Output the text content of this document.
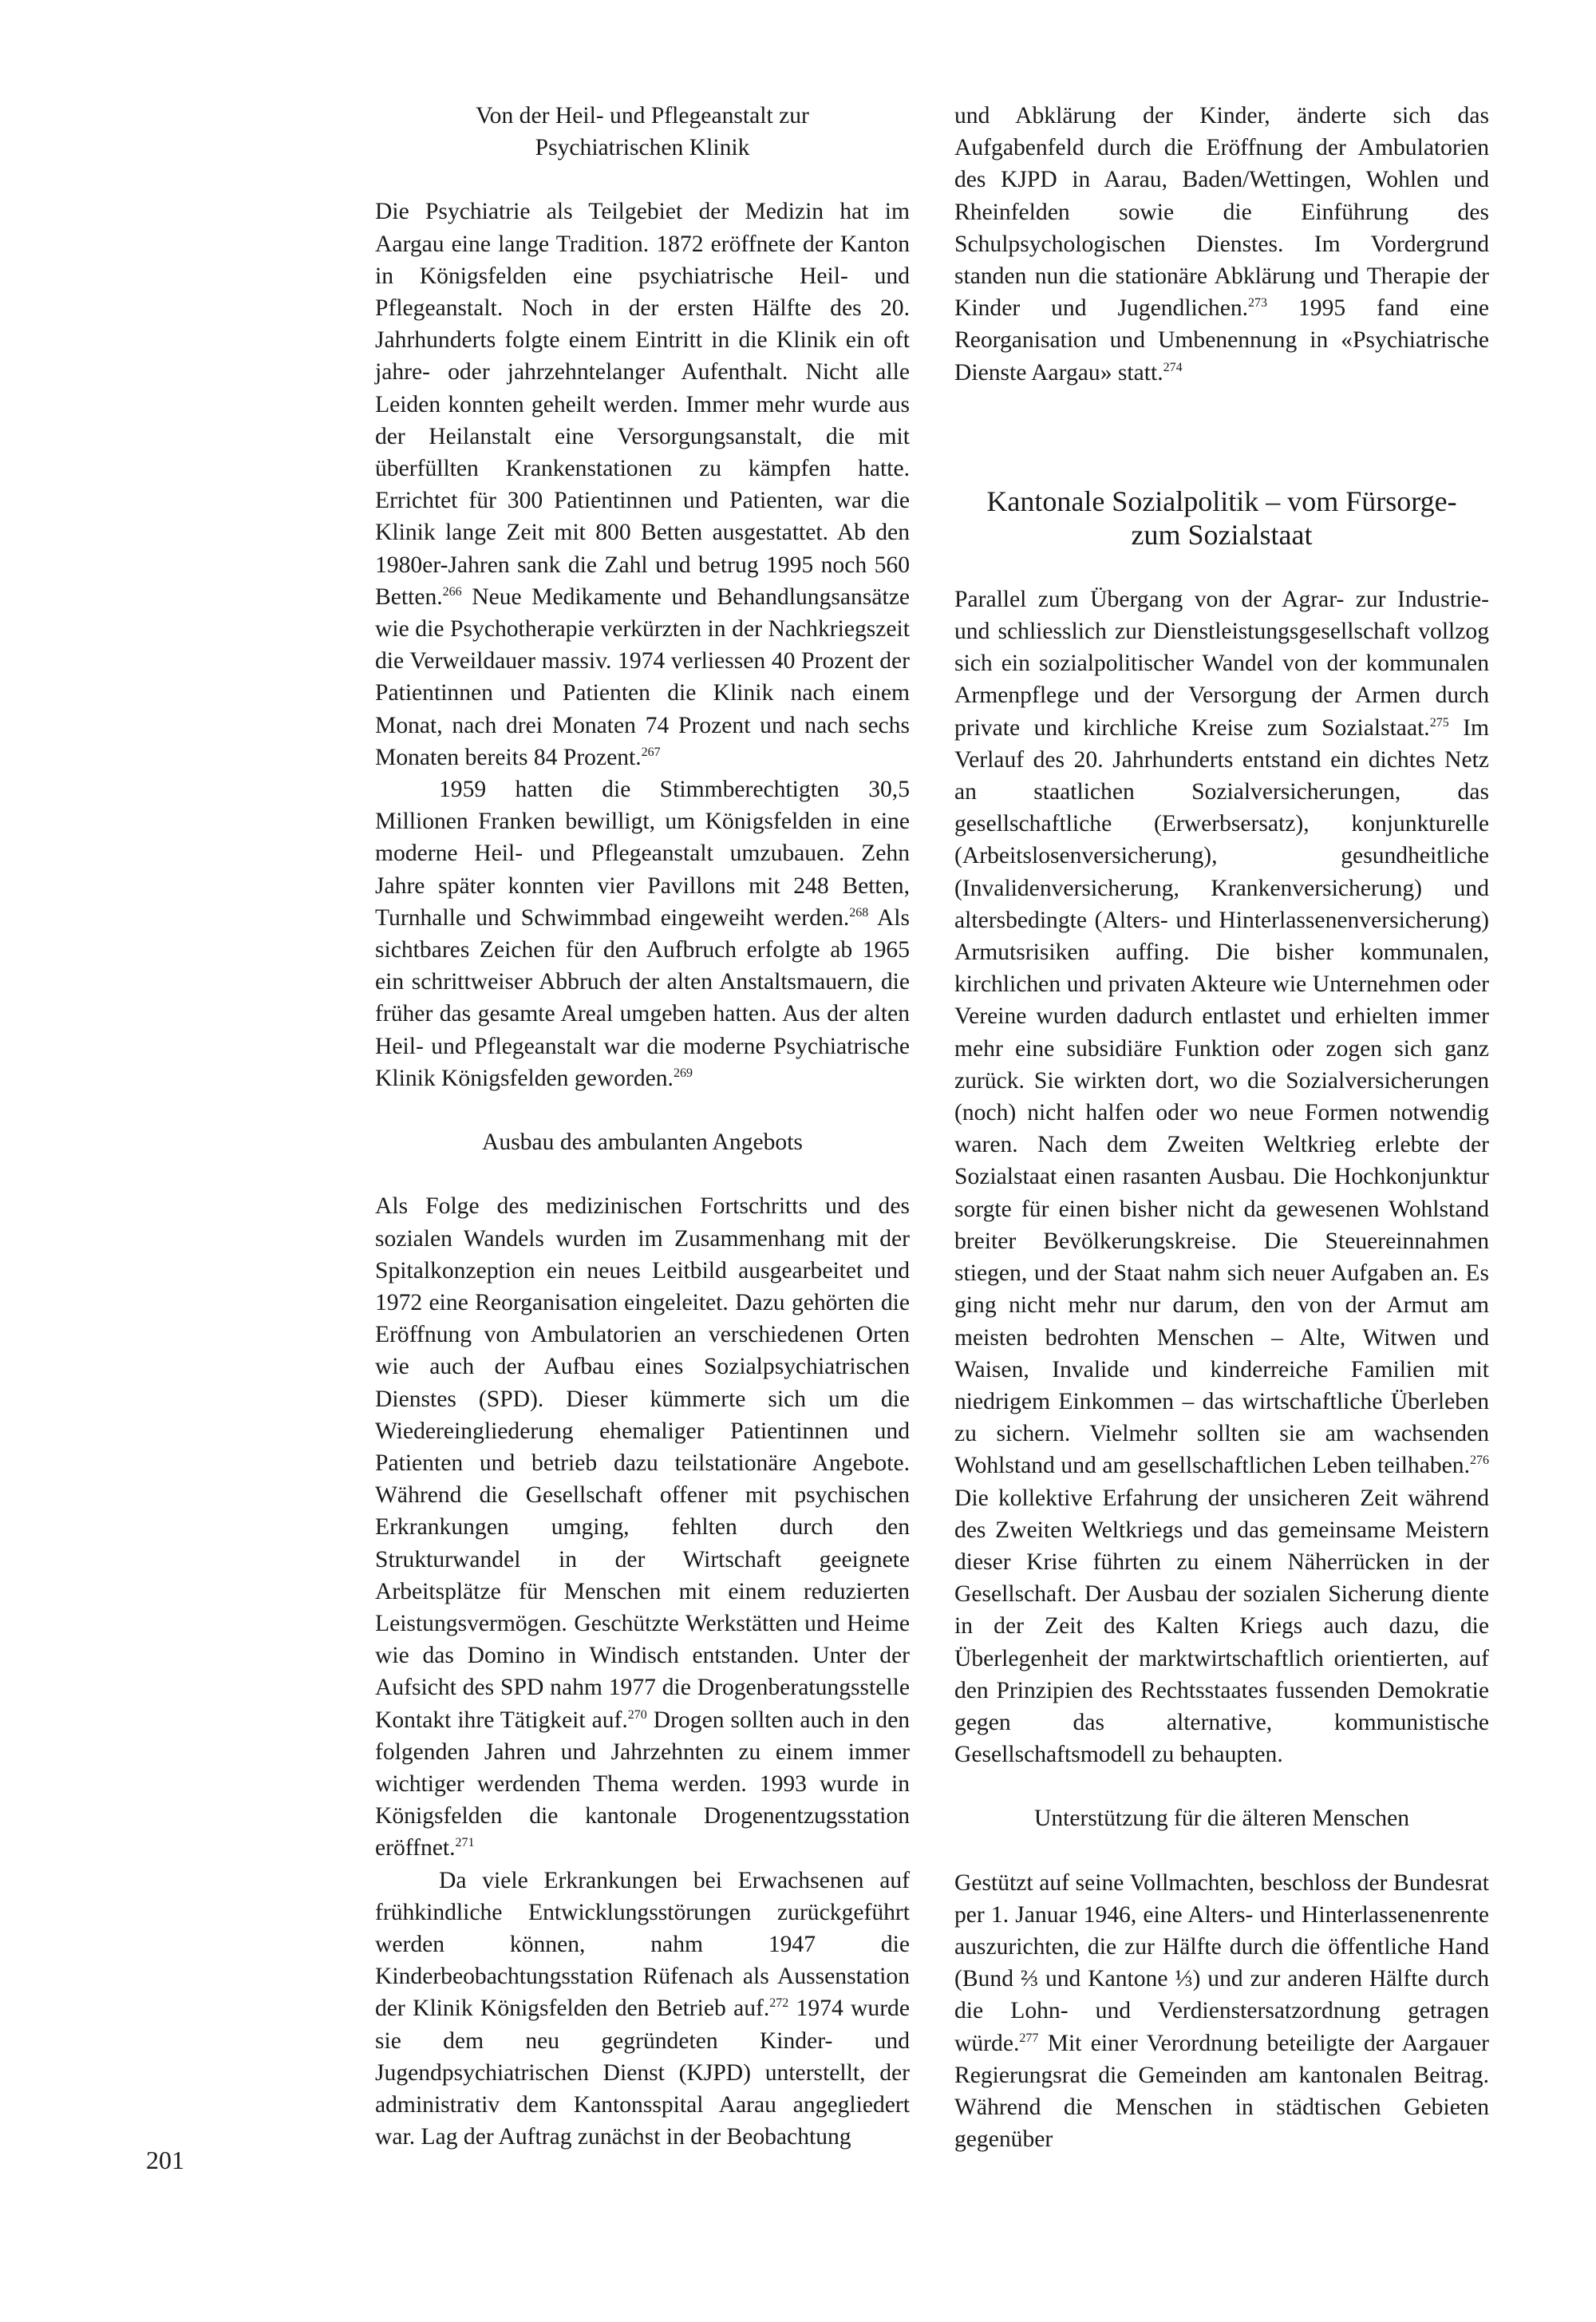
201
Von der Heil- und Pflegeanstalt zur
Psychiatrischen Klinik

Die Psychiatrie als Teilgebiet der Medizin hat im Aargau eine lange Tradition. 1872 eröffnete der Kanton in Königsfelden eine psychiatrische Heil- und Pflegeanstalt. Noch in der ersten Hälfte des 20. Jahrhunderts folgte einem Eintritt in die Klinik ein oft jahre- oder jahrzehntelanger Aufenthalt. Nicht alle Leiden konnten geheilt werden. Immer mehr wurde aus der Heilanstalt eine Versorgungsanstalt, die mit überfüllten Krankenstationen zu kämpfen hatte. Errichtet für 300 Patientinnen und Patienten, war die Klinik lange Zeit mit 800 Betten ausgestattet. Ab den 1980er-Jahren sank die Zahl und betrug 1995 noch 560 Betten.$^{266}$ Neue Medikamente und Behandlungsansätze wie die Psychotherapie verkürzten in der Nachkriegszeit die Verweildauer massiv. 1974 verliessen 40 Prozent der Patientinnen und Patienten die Klinik nach einem Monat, nach drei Monaten 74 Prozent und nach sechs Monaten bereits 84 Prozent.$^{267}$

1959 hatten die Stimmberechtigten 30,5 Millionen Franken bewilligt, um Königsfelden in eine moderne Heil- und Pflegeanstalt umzubauen. Zehn Jahre später konnten vier Pavillons mit 248 Betten, Turnhalle und Schwimmbad eingeweiht werden.$^{268}$ Als sichtbares Zeichen für den Aufbruch erfolgte ab 1965 ein schrittweiser Abbruch der alten Anstaltsmauern, die früher das gesamte Areal umgeben hatten. Aus der alten Heil- und Pflegeanstalt war die moderne Psychiatrische Klinik Königsfelden geworden.$^{269}$

Ausbau des ambulanten Angebots

Als Folge des medizinischen Fortschritts und des sozialen Wandels wurden im Zusammenhang mit der Spitalkonzeption ein neues Leitbild ausgearbeitet und 1972 eine Reorganisation eingeleitet. Dazu gehörten die Eröffnung von Ambulatorien an verschiedenen Orten wie auch der Aufbau eines Sozialpsychiatrischen Dienstes (SPD). Dieser kümmerte sich um die Wiedereingliederung ehemaliger Patientinnen und Patienten und betrieb dazu teilstationäre Angebote. Während die Gesellschaft offener mit psychischen Erkrankungen umging, fehlten durch den Strukturwandel in der Wirtschaft geeignete Arbeitsplätze für Menschen mit einem reduzierten Leistungsvermögen. Geschützte Werkstätten und Heime wie das Domino in Windisch entstanden. Unter der Aufsicht des SPD nahm 1977 die Drogenberatungsstelle Kontakt ihre Tätigkeit auf.$^{270}$ Drogen sollten auch in den folgenden Jahren und Jahrzehnten zu einem immer wichtiger werdenden Thema werden. 1993 wurde in Königsfelden die kantonale Drogenentzugsstation eröffnet.$^{271}$

Da viele Erkrankungen bei Erwachsenen auf frühkindliche Entwicklungsstörungen zurückgeführt werden können, nahm 1947 die Kinderbeobachtungsstation Rüfenach als Aussenstation der Klinik Königsfelden den Betrieb auf.$^{272}$ 1974 wurde sie dem neu gegründeten Kinder- und Jugendpsychiatrischen Dienst (KJPD) unterstellt, der administrativ dem Kantonsspital Aarau angegliedert war. Lag der Auftrag zunächst in der Beobachtung

und Abklärung der Kinder, änderte sich das Aufgabenfeld durch die Eröffnung der Ambulatorien des KJPD in Aarau, Baden/Wettingen, Wohlen und Rheinfelden sowie die Einführung des Schulpsychologischen Dienstes. Im Vordergrund standen nun die stationäre Abklärung und Therapie der Kinder und Jugendlichen.$^{273}$ 1995 fand eine Reorganisation und Umbenennung in «Psychiatrische Dienste Aargau» statt.$^{274}$

Kantonale Sozialpolitik – vom Fürsorge-
zum Sozialstaat

Parallel zum Übergang von der Agrar- zur Industrie- und schliesslich zur Dienstleistungsgesellschaft vollzog sich ein sozialpolitischer Wandel von der kommunalen Armenpflege und der Versorgung der Armen durch private und kirchliche Kreise zum Sozialstaat.$^{275}$ Im Verlauf des 20. Jahrhunderts entstand ein dichtes Netz an staatlichen Sozialversicherungen, das gesellschaftliche (Erwerbsersatz), konjunkturelle (Arbeitslosenversicherung), gesundheitliche (Invalidenversicherung, Krankenversicherung) und altersbedingte (Alters- und Hinterlassenenversicherung) Armutsrisiken auffing. Die bisher kommunalen, kirchlichen und privaten Akteure wie Unternehmen oder Vereine wurden dadurch entlastet und erhielten immer mehr eine subsidiäre Funktion oder zogen sich ganz zurück. Sie wirkten dort, wo die Sozialversicherungen (noch) nicht halfen oder wo neue Formen notwendig waren. Nach dem Zweiten Weltkrieg erlebte der Sozialstaat einen rasanten Ausbau. Die Hochkonjunktur sorgte für einen bisher nicht da gewesenen Wohlstand breiter Bevölkerungskreise. Die Steuereinnahmen stiegen, und der Staat nahm sich neuer Aufgaben an. Es ging nicht mehr nur darum, den von der Armut am meisten bedrohten Menschen – Alte, Witwen und Waisen, Invalide und kinderreiche Familien mit niedrigem Einkommen – das wirtschaftliche Überleben zu sichern. Vielmehr sollten sie am wachsenden Wohlstand und am gesellschaftlichen Leben teilhaben.$^{276}$ Die kollektive Erfahrung der unsicheren Zeit während des Zweiten Weltkriegs und das gemeinsame Meistern dieser Krise führten zu einem Näherrücken in der Gesellschaft. Der Ausbau der sozialen Sicherung diente in der Zeit des Kalten Kriegs auch dazu, die Überlegenheit der marktwirtschaftlich orientierten, auf den Prinzipien des Rechtsstaates fussenden Demokratie gegen das alternative, kommunistische Gesellschaftsmodell zu behaupten.

Unterstützung für die älteren Menschen

Gestützt auf seine Vollmachten, beschloss der Bundesrat per 1. Januar 1946, eine Alters- und Hinterlassenenrente auszurichten, die zur Hälfte durch die öffentliche Hand (Bund ⅔ und Kantone ⅓) und zur anderen Hälfte durch die Lohn- und Verdienstersatzordnung getragen würde.$^{277}$ Mit einer Verordnung beteiligte der Aargauer Regierungsrat die Gemeinden am kantonalen Beitrag. Während die Menschen in städtischen Gebieten gegenüber
